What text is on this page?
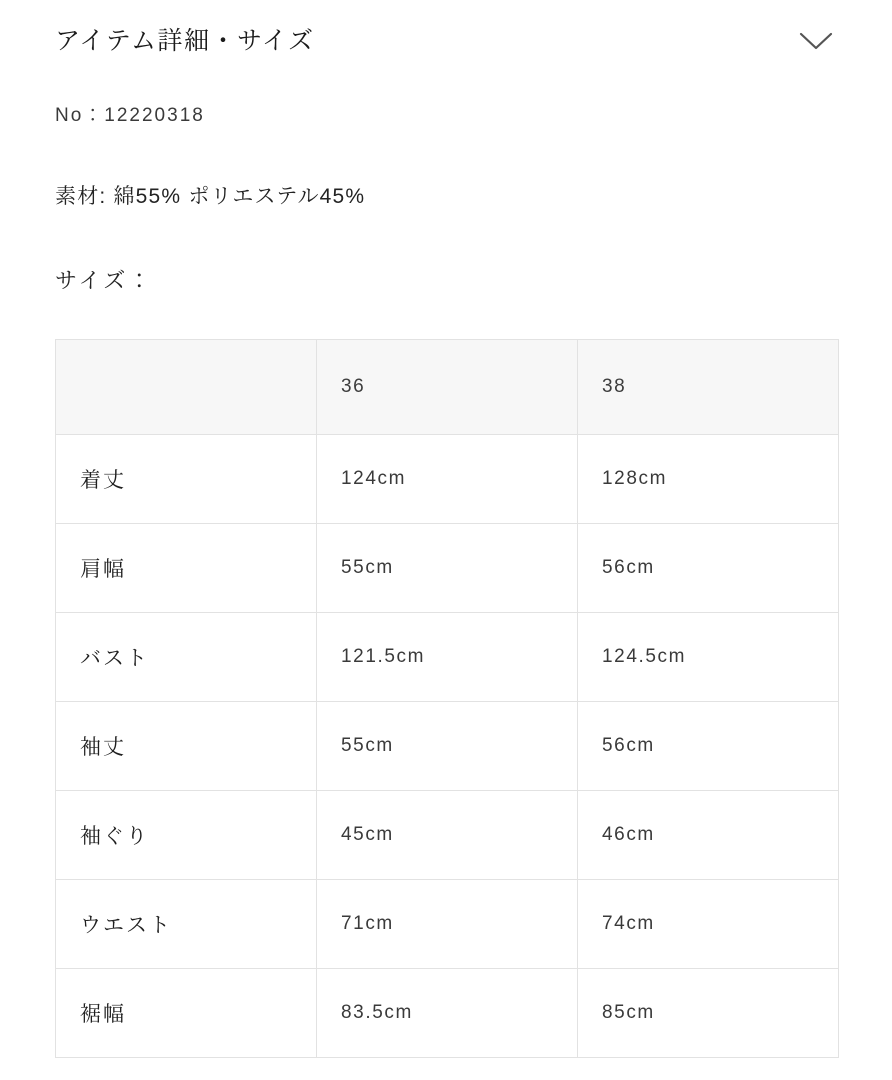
アイテム詳細・サイズ
No：12220318
素材: 綿55% ポリエステル45%
サイズ：
	36	38
着丈	124cm	128cm
肩幅	55cm	56cm
バスト	121.5cm	124.5cm
袖丈	55cm	56cm
袖ぐり	45cm	46cm
ウエスト	71cm	74cm
裾幅	83.5cm	85cm
